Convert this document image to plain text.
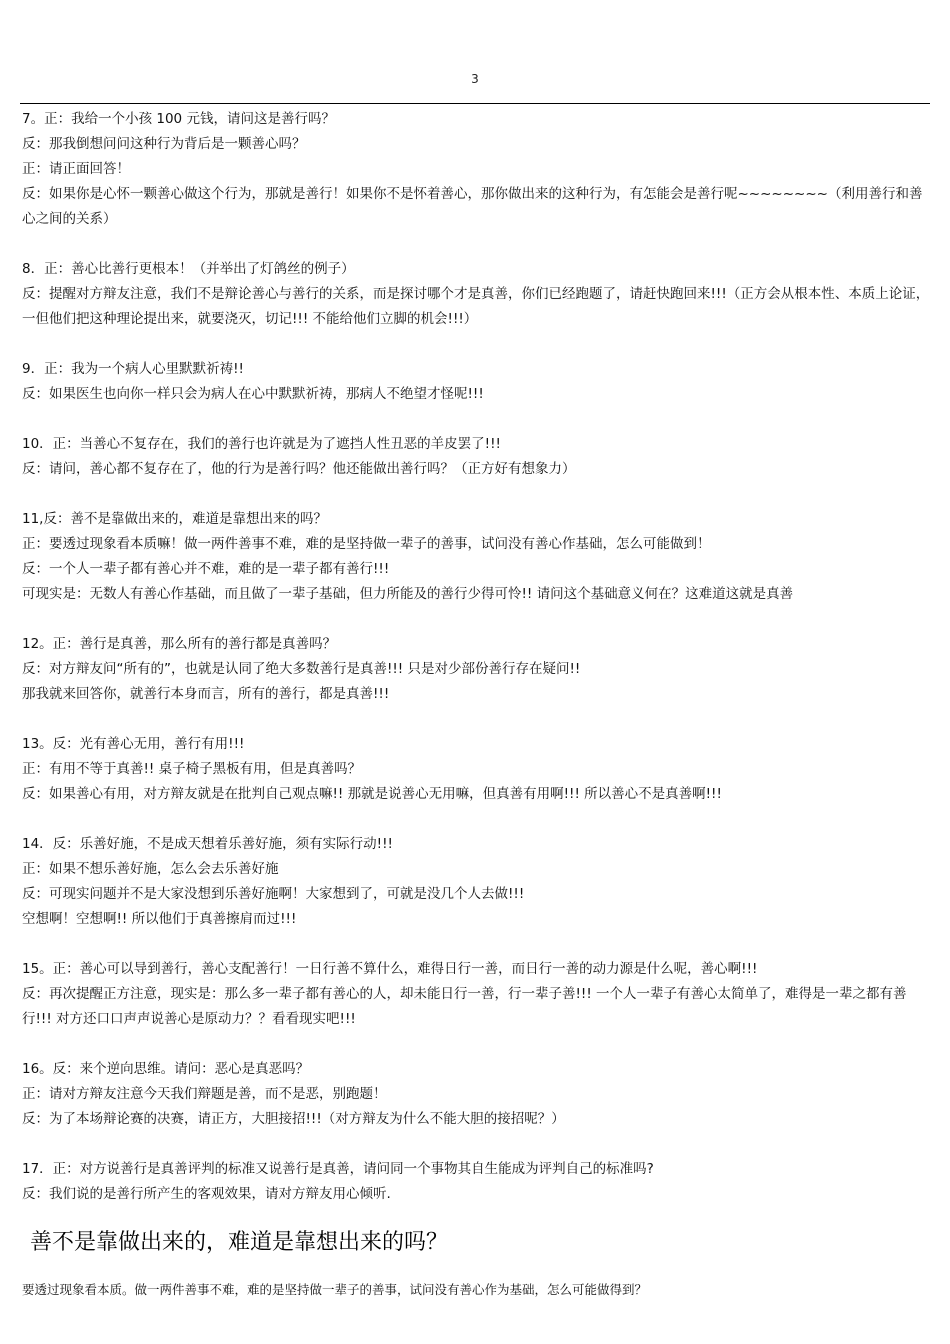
3
7。正：我给一个小孩 100 元钱，请问这是善行吗？
反：那我倒想问问这种行为背后是一颗善心吗？
正：请正面回答！
反：如果你是心怀一颗善心做这个行为，那就是善行！如果你不是怀着善心，那你做出来的这种行为，有怎能会是善行呢~~~~~~~~（利用善行和善心之间的关系）
8．正：善心比善行更根本！（并举出了灯鸽丝的例子）
反：提醒对方辩友注意，我们不是辩论善心与善行的关系，而是探讨哪个才是真善，你们已经跑题了，请赶快跑回来!!!（正方会从根本性、本质上论证，一但他们把这种理论提出来，就要浇灭，切记!!! 不能给他们立脚的机会!!!）
9．正：我为一个病人心里默默祈祷!!
反：如果医生也向你一样只会为病人在心中默默祈祷，那病人不绝望才怪呢!!!
10．正：当善心不复存在，我们的善行也许就是为了遮挡人性丑恶的羊皮罢了!!!
反：请问，善心都不复存在了，他的行为是善行吗？他还能做出善行吗？（正方好有想象力）
11,反：善不是靠做出来的，难道是靠想出来的吗？
正：要透过现象看本质嘛！做一两件善事不难，难的是坚持做一辈子的善事，试问没有善心作基础，怎么可能做到！
反：一个人一辈子都有善心并不难，难的是一辈子都有善行!!!
可现实是：无数人有善心作基础，而且做了一辈子基础，但力所能及的善行少得可怜!! 请问这个基础意义何在？这难道这就是真善
12。正：善行是真善，那么所有的善行都是真善吗？
反：对方辩友问“所有的”，也就是认同了绝大多数善行是真善!!! 只是对少部份善行存在疑问!!
那我就来回答你，就善行本身而言，所有的善行，都是真善!!!
13。反：光有善心无用，善行有用!!!
正：有用不等于真善!! 桌子椅子黑板有用，但是真善吗？
反：如果善心有用，对方辩友就是在批判自己观点嘛!! 那就是说善心无用嘛，但真善有用啊!!! 所以善心不是真善啊!!!
14．反：乐善好施，不是成天想着乐善好施，须有实际行动!!!
正：如果不想乐善好施，怎么会去乐善好施
反：可现实问题并不是大家没想到乐善好施啊！大家想到了，可就是没几个人去做!!!
空想啊！空想啊!! 所以他们于真善擦肩而过!!!
15。正：善心可以导到善行，善心支配善行！一日行善不算什么，难得日行一善，而日行一善的动力源是什么呢，善心啊!!!
反：再次提醒正方注意，现实是：那么多一辈子都有善心的人，却未能日行一善，行一辈子善!!! 一个人一辈子有善心太简单了，难得是一辈之都有善行!!! 对方还口口声声说善心是原动力？？看看现实吧!!!
16。反：来个逆向思维。请问：恶心是真恶吗？
正：请对方辩友注意今天我们辩题是善，而不是恶，别跑题！
反：为了本场辩论赛的决赛，请正方，大胆接招!!!（对方辩友为什么不能大胆的接招呢？）
17．正：对方说善行是真善评判的标准又说善行是真善，请问同一个事物其自生能成为评判自己的标准吗?
反：我们说的是善行所产生的客观效果，请对方辩友用心倾听.
善不是靠做出来的，难道是靠想出来的吗？
要透过现象看本质。做一两件善事不难，难的是坚持做一辈子的善事，试问没有善心作为基础，怎么可能做得到？
